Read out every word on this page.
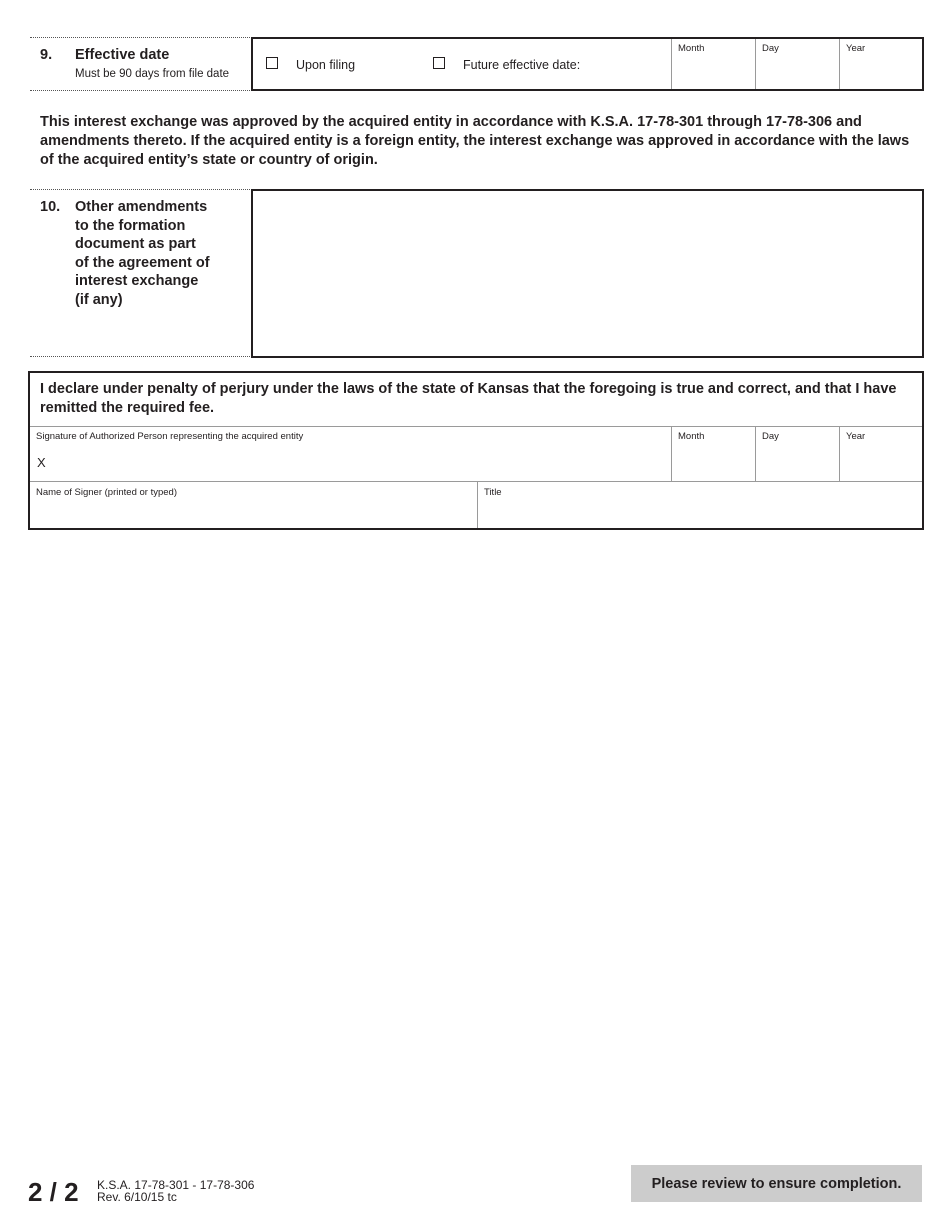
9. Effective date
Must be 90 days from file date
Upon filing	Future effective date:
Month	Day	Year
This interest exchange was approved by the acquired entity in accordance with K.S.A. 17-78-301 through 17-78-306 and amendments thereto. If the acquired entity is a foreign entity, the interest exchange was approved in accordance with the laws of the acquired entity’s state or country of origin.
10. Other amendments
to the formation
document as part
of the agreement of
interest exchange
(if any)
I declare under penalty of perjury under the laws of the state of Kansas that the foregoing is true and correct, and that I have remitted the required fee.
Signature of Authorized Person representing the acquired entity
X
Month	Day	Year
Name of Signer (printed or typed)	Title
2 / 2 K.S.A. 17-78-301 - 17-78-306
Rev. 6/10/15 tc
Please review to ensure completion.
